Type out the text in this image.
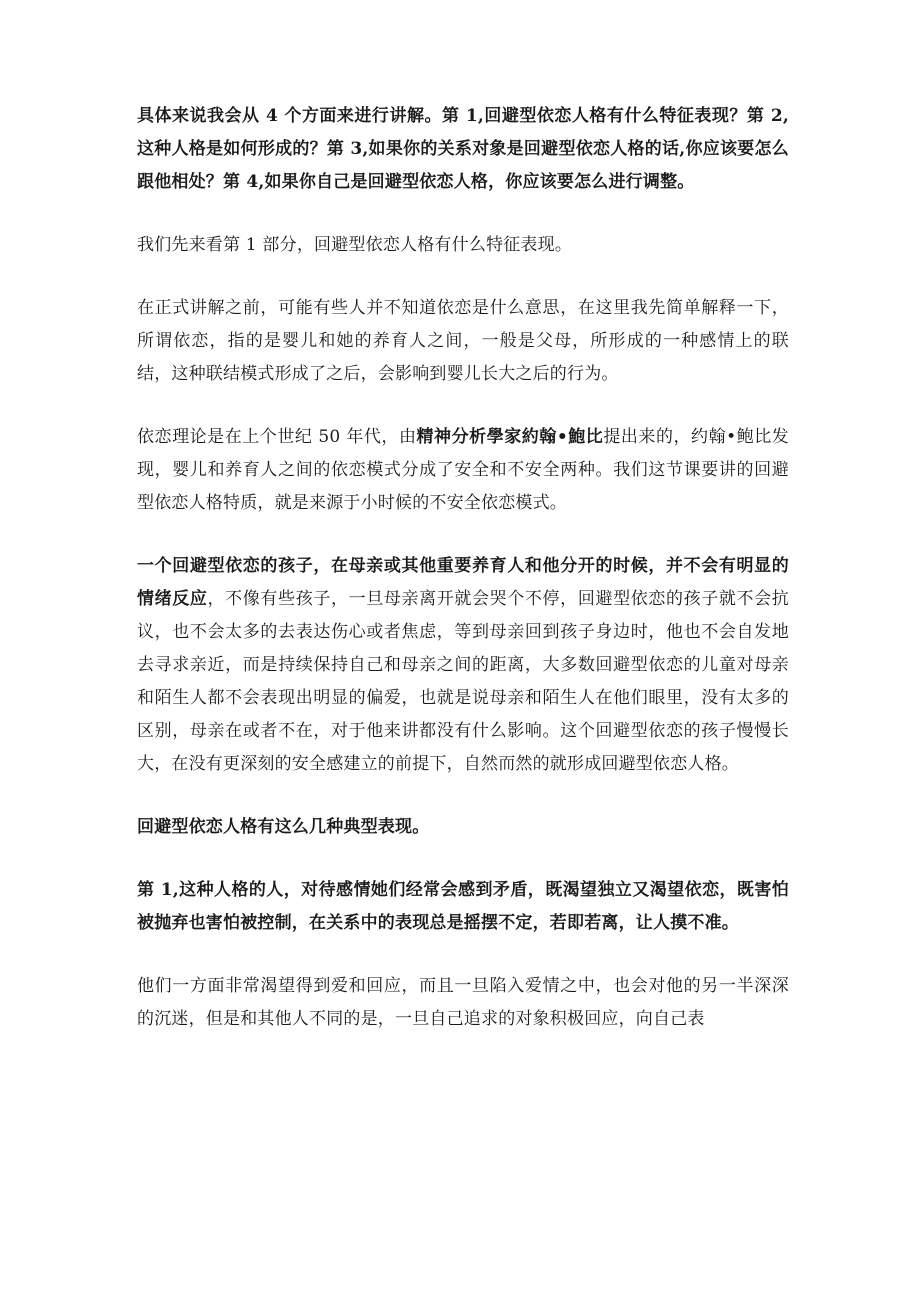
具体来说我会从 4 个方面来进行讲解。第 1,回避型依恋人格有什么特征表现？第 2,这种人格是如何形成的？第 3,如果你的关系对象是回避型依恋人格的话,你应该要怎么跟他相处？第 4,如果你自己是回避型依恋人格，你应该要怎么进行调整。

我们先来看第 1 部分，回避型依恋人格有什么特征表现。

在正式讲解之前，可能有些人并不知道依恋是什么意思，在这里我先简单解释一下，所谓依恋，指的是婴儿和她的养育人之间，一般是父母，所形成的一种感情上的联结，这种联结模式形成了之后，会影响到婴儿长大之后的行为。

依恋理论是在上个世纪 50 年代，由精神分析學家約翰•鮑比提出来的，约翰•鲍比发现，婴儿和养育人之间的依恋模式分成了安全和不安全两种。我们这节课要讲的回避型依恋人格特质，就是来源于小时候的不安全依恋模式。

一个回避型依恋的孩子，在母亲或其他重要养育人和他分开的时候，并不会有明显的情绪反应，不像有些孩子，一旦母亲离开就会哭个不停，回避型依恋的孩子就不会抗议，也不会太多的去表达伤心或者焦虑，等到母亲回到孩子身边时，他也不会自发地去寻求亲近，而是持续保持自己和母亲之间的距离，大多数回避型依恋的儿童对母亲和陌生人都不会表现出明显的偏爱，也就是说母亲和陌生人在他们眼里，没有太多的区别，母亲在或者不在，对于他来讲都没有什么影响。这个回避型依恋的孩子慢慢长大，在没有更深刻的安全感建立的前提下，自然而然的就形成回避型依恋人格。

回避型依恋人格有这么几种典型表现。

第 1,这种人格的人，对待感情她们经常会感到矛盾，既渴望独立又渴望依恋，既害怕被抛弃也害怕被控制，在关系中的表现总是摇摆不定，若即若离，让人摸不准。

他们一方面非常渴望得到爱和回应，而且一旦陷入爱情之中，也会对他的另一半深深的沉迷，但是和其他人不同的是，一旦自己追求的对象积极回应，向自己表
